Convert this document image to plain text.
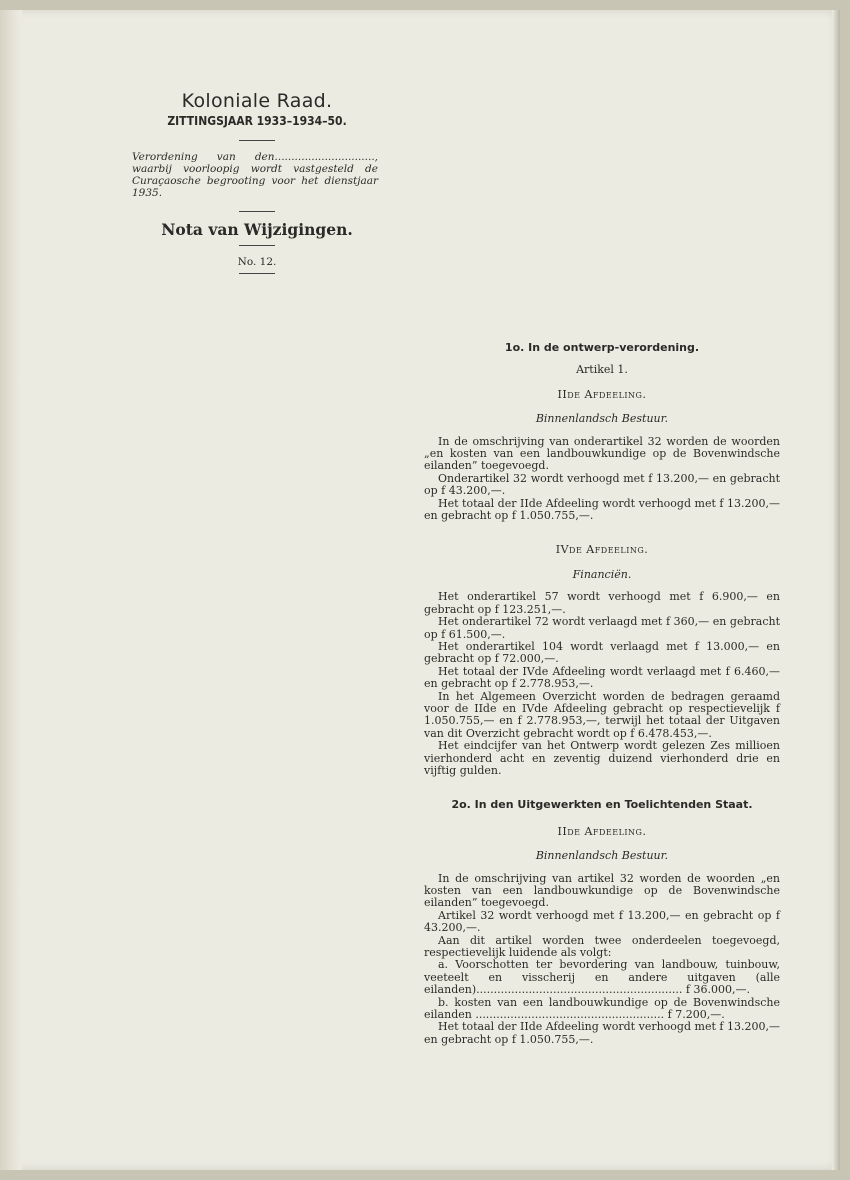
Koloniale Raad.
ZITTINGSJAAR 1933–1934–50.
Verordening van den.............................., waarbij voorloopig wordt vastgesteld de Curaçaosche begrooting voor het dienstjaar 1935.
Nota van Wijzigingen.
No. 12.

1o. In de ontwerp-verordening.

Artikel 1.
IIde Afdeeling.
Binnenlandsch Bestuur.

In de omschrijving van onderartikel 32 worden de woorden „en kosten van een landbouwkundige op de Bovenwindsche eilanden” toegevoegd.

Onderartikel 32 wordt verhoogd met f 13.200,— en gebracht op f 43.200,—.

Het totaal der IIde Afdeeling wordt verhoogd met f 13.200,— en gebracht op f 1.050.755,—.

IVde Afdeeling.
Financiën.

Het onderartikel 57 wordt verhoogd met f 6.900,— en gebracht op f 123.251,—.

Het onderartikel 72 wordt verlaagd met f 360,— en gebracht op f 61.500,—.

Het onderartikel 104 wordt verlaagd met f 13.000,— en gebracht op f 72.000,—.

Het totaal der IVde Afdeeling wordt verlaagd met f 6.460,— en gebracht op f 2.778.953,—.

In het Algemeen Overzicht worden de bedragen geraamd voor de IIde en IVde Afdeeling gebracht op respectievelijk f 1.050.755,— en f 2.778.953,—, terwijl het totaal der Uitgaven van dit Overzicht gebracht wordt op f 6.478.453,—.

Het eindcijfer van het Ontwerp wordt gelezen Zes millioen vierhonderd acht en zeventig duizend vierhonderd drie en vijftig gulden.

2o. In den Uitgewerkten en Toelichtenden Staat.

IIde Afdeeling.
Binnenlandsch Bestuur.

In de omschrijving van artikel 32 worden de woorden „en kosten van een landbouwkundige op de Bovenwindsche eilanden” toegevoegd.

Artikel 32 wordt verhoogd met f 13.200,— en gebracht op f 43.200,—.

Aan dit artikel worden twee onderdeelen toegevoegd, respectievelijk luidende als volgt:

a. Voorschotten ter bevordering van landbouw, tuinbouw, veeteelt en visscherij en andere uitgaven (alle eilanden)........................................................... f 36.000,—.

b. kosten van een landbouwkundige op de Bovenwindsche eilanden ...................................................... f 7.200,—.

Het totaal der IIde Afdeeling wordt verhoogd met f 13.200,— en gebracht op f 1.050.755,—.
